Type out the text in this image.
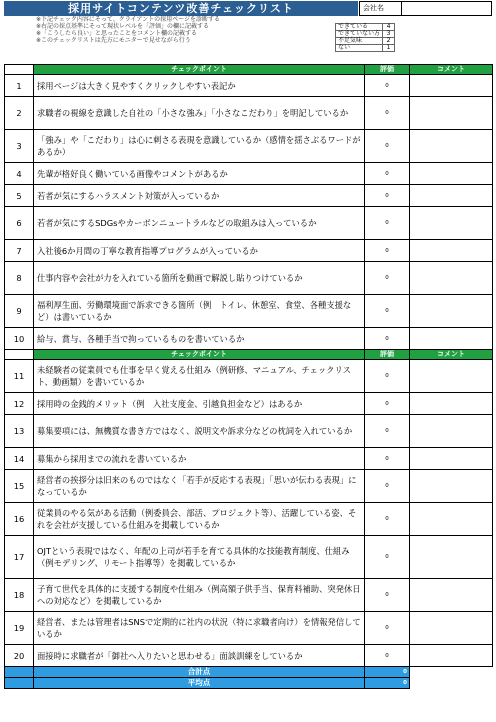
採用サイトコンテンツ改善チェックリスト	会社名
※下記チェック内容にそって、クライアントの採用ページを診断する
※右記の採点基準にそって現状レベルを「評価」の欄に記載する
※「こうしたら良い」と思ったことをコメント欄の記載する
※このチェックリストは先方にモニターで見せながら行う
できている	4
できていない方	3
不足気味	2
ない	1
	チェックポイント	評価	コメント
1	採用ページは大きく見やすくクリックしやすい表記か	0	
2	求職者の視線を意識した自社の「小さな強み」「小さなこだわり」を明記しているか	0	
3	「強み」や「こだわり」は心に刺さる表現を意識しているか（感情を揺さぶるワードがあるか）	0	
4	先輩が格好良く働いている画像やコメントがあるか	0	
5	若者が気にするハラスメント対策が入っているか	0	
6	若者が気にするSDGsやカーボンニュートラルなどの取組みは入っているか	0	
7	入社後6か月間の丁寧な教育指導プログラムが入っているか	0	
8	仕事内容や会社が力を入れている箇所を動画で解説し貼りつけているか	0	
9	福利厚生面、労働環境面で訴求できる箇所（例　トイレ、休憩室、食堂、各種支援など）は書いているか	0	
10	給与、賞与、各種手当で拘っているものを書いているか	0	
	チェックポイント	評価	コメント
11	未経験者の従業員でも仕事を早く覚える仕組み（例研修、マニュアル、チェックリスト、動画類）を書いているか	0	
12	採用時の金銭的メリット（例　入社支度金、引越負担金など）はあるか	0	
13	募集要項には、無機質な書き方ではなく、説明文や訴求分などの枕詞を入れているか	0	
14	募集から採用までの流れを書いているか	0	
15	経営者の挨拶分は旧来のものではなく「若手が反応する表現」「思いが伝わる表現」になっているか	0	
16	従業員のやる気がある活動（例委員会、部活、プロジェクト等）、活躍している姿、それを会社が支援している仕組みを掲載しているか	0	
17	OJTという表現ではなく、年配の上司が若手を育てる具体的な技能教育制度、仕組み（例モデリング、リモート指導等）を掲載しているか	0	
18	子育て世代を具体的に支援する制度や仕組み（例高額子供手当、保育料補助、突発休日への対応など）を掲載しているか	0	
19	経営者、または管理者はSNSで定期的に社内の状況（特に求職者向け）を情報発信しているか	0	
20	面接時に求職者が「御社へ入りたいと思わせる」面談訓練をしているか	0	
	合計点	0	
	平均点	0	
